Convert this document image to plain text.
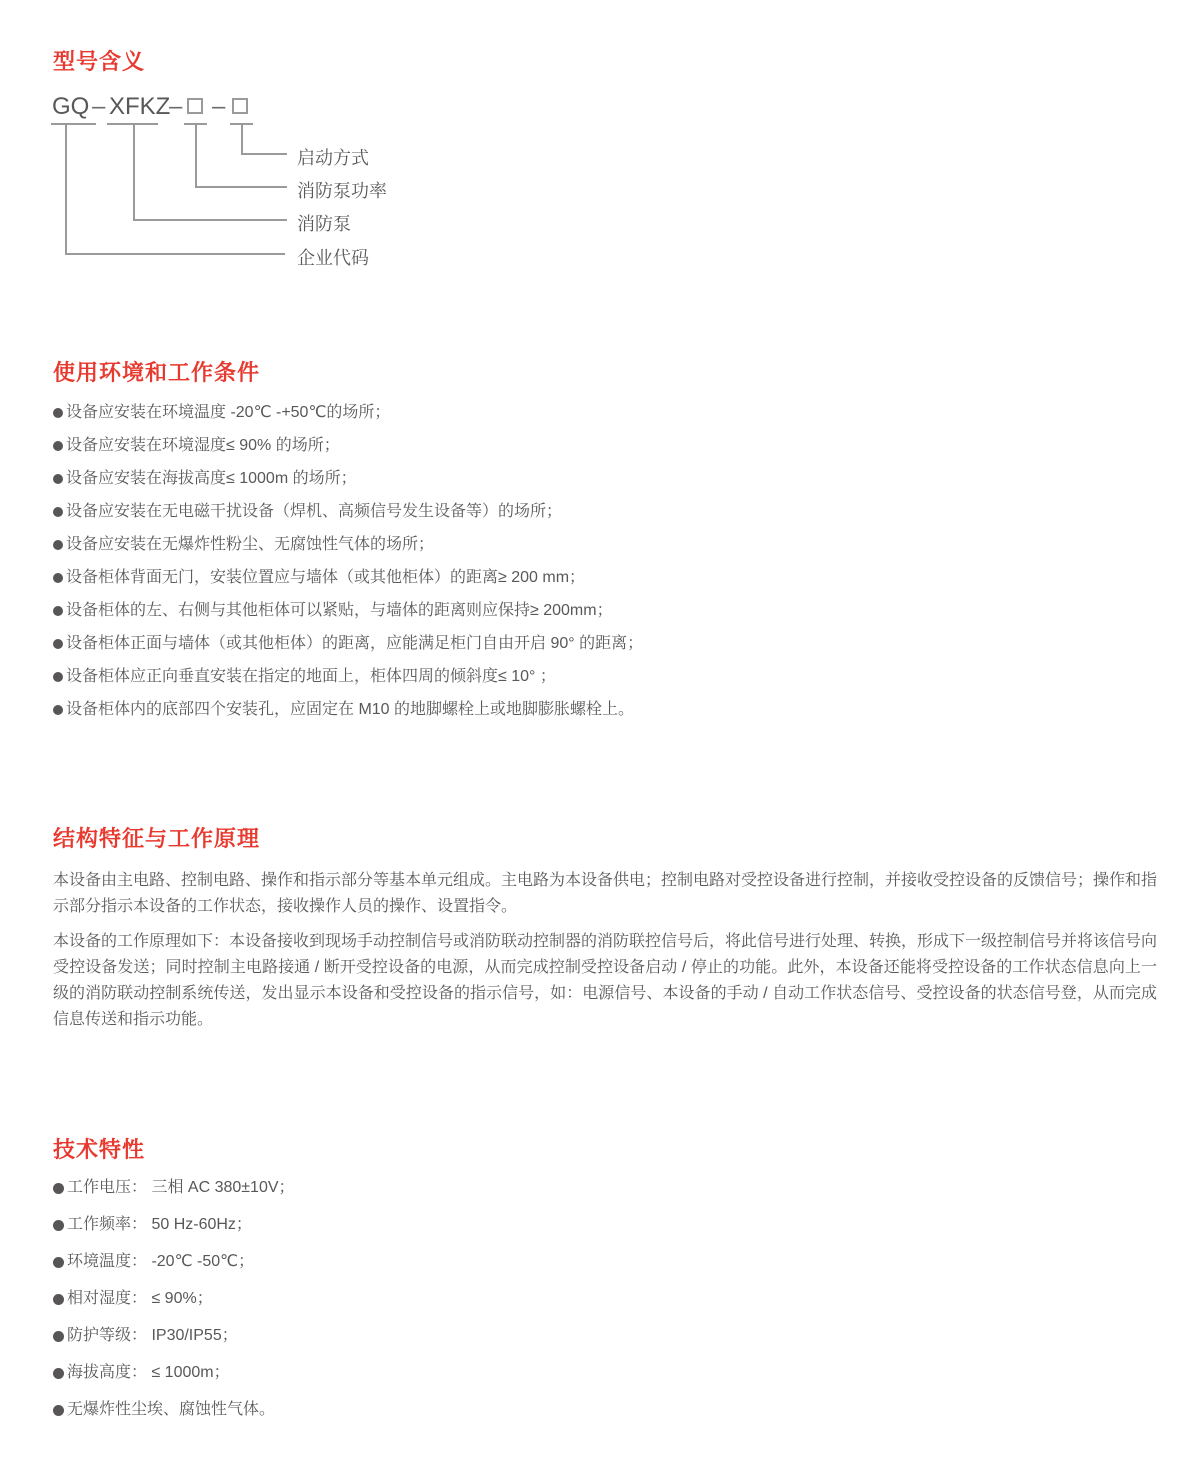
型号含义
GQ – XFKZ
– –
启动方式
消防泵功率
消防泵
企业代码
使用环境和工作条件
设备应安装在环境温度 -20℃ -+50℃的场所；
设备应安装在环境湿度≤ 90% 的场所；
设备应安装在海拔高度≤ 1000m 的场所；
设备应安装在无电磁干扰设备（焊机、高频信号发生设备等）的场所；
设备应安装在无爆炸性粉尘、无腐蚀性气体的场所；
设备柜体背面无门，安装位置应与墙体（或其他柜体）的距离≥ 200 mm；
设备柜体的左、右侧与其他柜体可以紧贴，与墙体的距离则应保持≥ 200mm；
设备柜体正面与墙体（或其他柜体）的距离，应能满足柜门自由开启 90° 的距离；
设备柜体应正向垂直安装在指定的地面上，柜体四周的倾斜度≤ 10° ；
设备柜体内的底部四个安装孔，应固定在 M10 的地脚螺栓上或地脚膨胀螺栓上。
结构特征与工作原理

本设备由主电路、控制电路、操作和指示部分等基本单元组成。主电路为本设备供电；控制电路对受控设备进行控制，并接收受控设备的反馈信号；操作和指示部分指示本设备的工作状态，接收操作人员的操作、设置指令。

本设备的工作原理如下：本设备接收到现场手动控制信号或消防联动控制器的消防联控信号后，将此信号进行处理、转换，形成下一级控制信号并将该信号向受控设备发送；同时控制主电路接通 / 断开受控设备的电源，从而完成控制受控设备启动 / 停止的功能。此外，本设备还能将受控设备的工作状态信息向上一级的消防联动控制系统传送，发出显示本设备和受控设备的指示信号，如：电源信号、本设备的手动 / 自动工作状态信号、受控设备的状态信号登，从而完成信息传送和指示功能。

技术特性
工作电压： 三相 AC 380±10V；
工作频率： 50 Hz-60Hz；
环境温度： -20℃ -50℃；
相对湿度： ≤ 90%；
防护等级： IP30/IP55；
海拔高度： ≤ 1000m；
无爆炸性尘埃、腐蚀性气体。
